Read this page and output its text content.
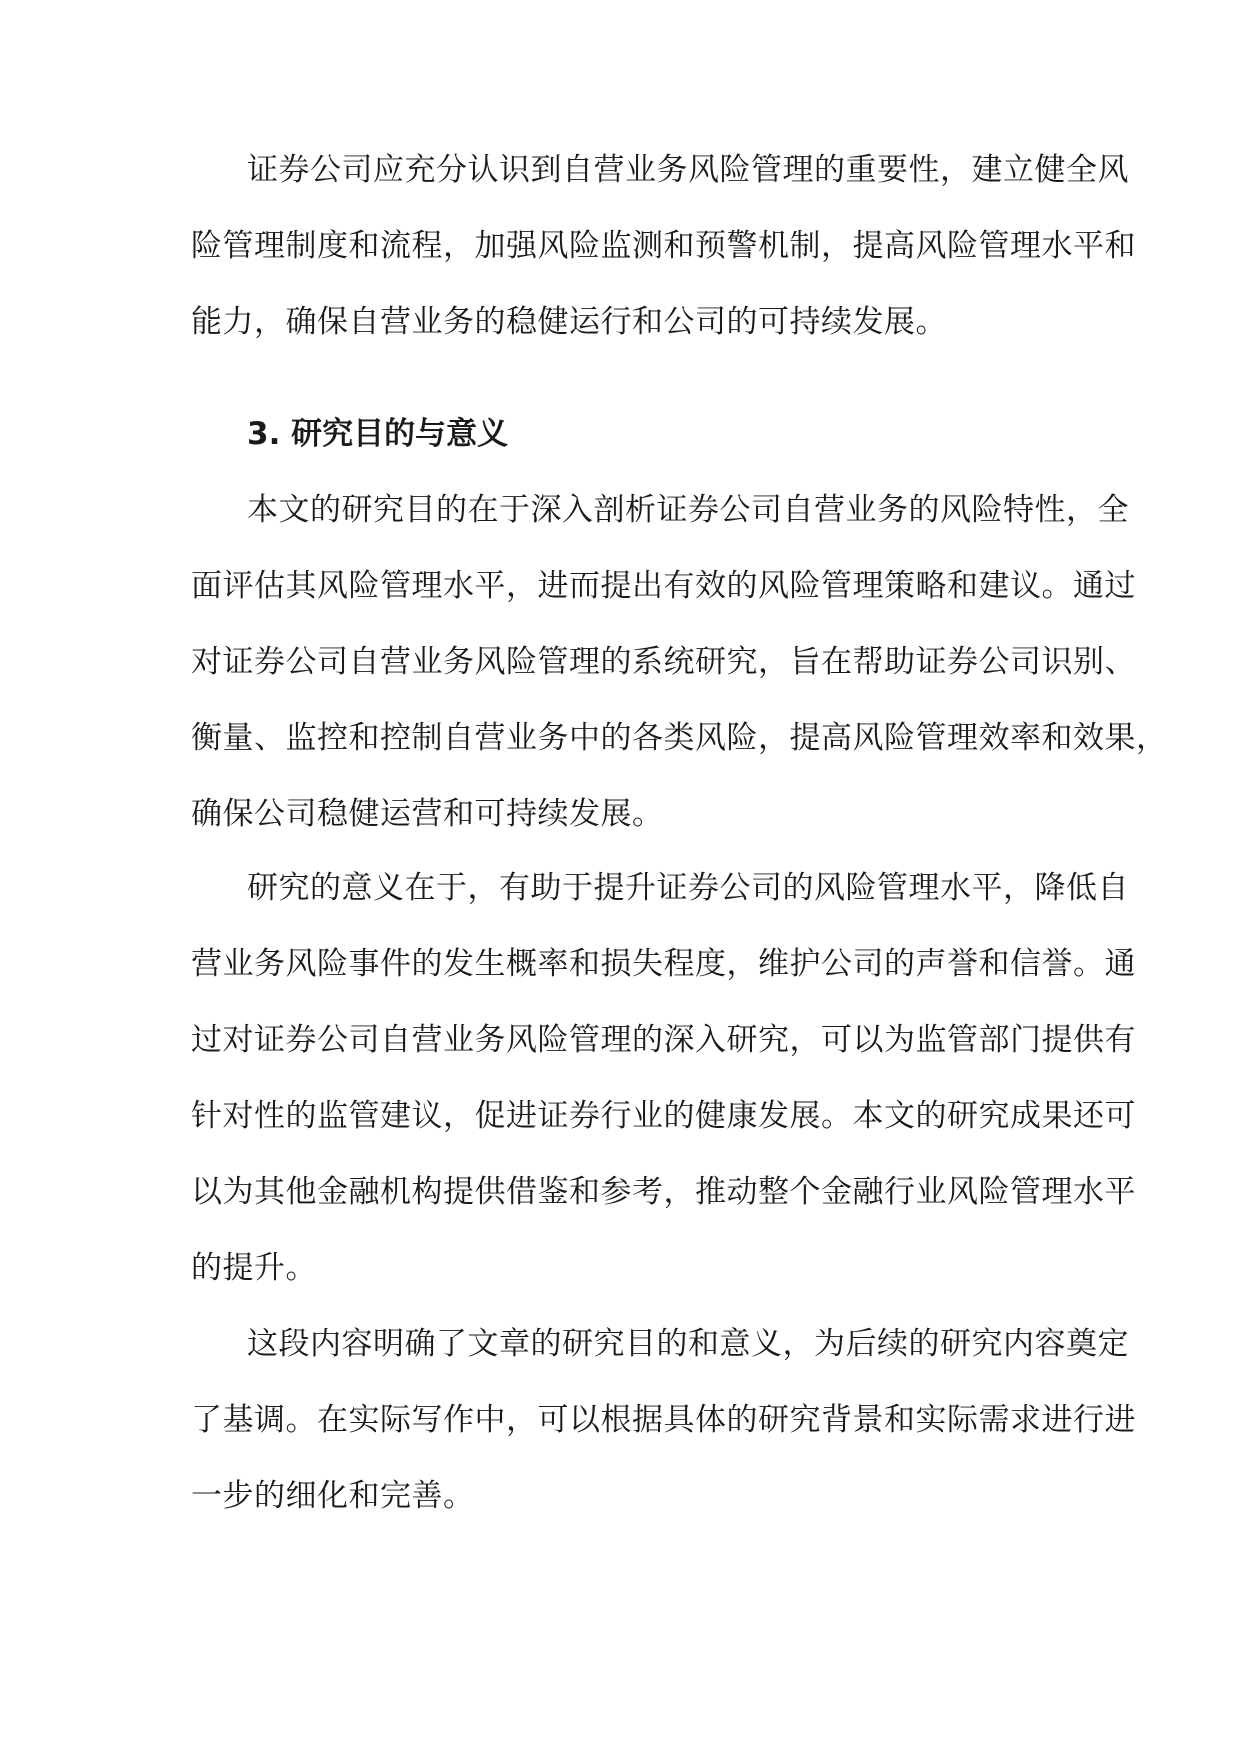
证券公司应充分认识到自营业务风险管理的重要性，建立健全风
险管理制度和流程，加强风险监测和预警机制，提高风险管理水平和
能力，确保自营业务的稳健运行和公司的可持续发展。
3. 研究目的与意义
本文的研究目的在于深入剖析证券公司自营业务的风险特性，全
面评估其风险管理水平，进而提出有效的风险管理策略和建议。通过
对证券公司自营业务风险管理的系统研究，旨在帮助证券公司识别、
衡量、监控和控制自营业务中的各类风险，提高风险管理效率和效果，
确保公司稳健运营和可持续发展。
研究的意义在于，有助于提升证券公司的风险管理水平，降低自
营业务风险事件的发生概率和损失程度，维护公司的声誉和信誉。通
过对证券公司自营业务风险管理的深入研究，可以为监管部门提供有
针对性的监管建议，促进证券行业的健康发展。本文的研究成果还可
以为其他金融机构提供借鉴和参考，推动整个金融行业风险管理水平
的提升。
这段内容明确了文章的研究目的和意义，为后续的研究内容奠定
了基调。在实际写作中，可以根据具体的研究背景和实际需求进行进
一步的细化和完善。
